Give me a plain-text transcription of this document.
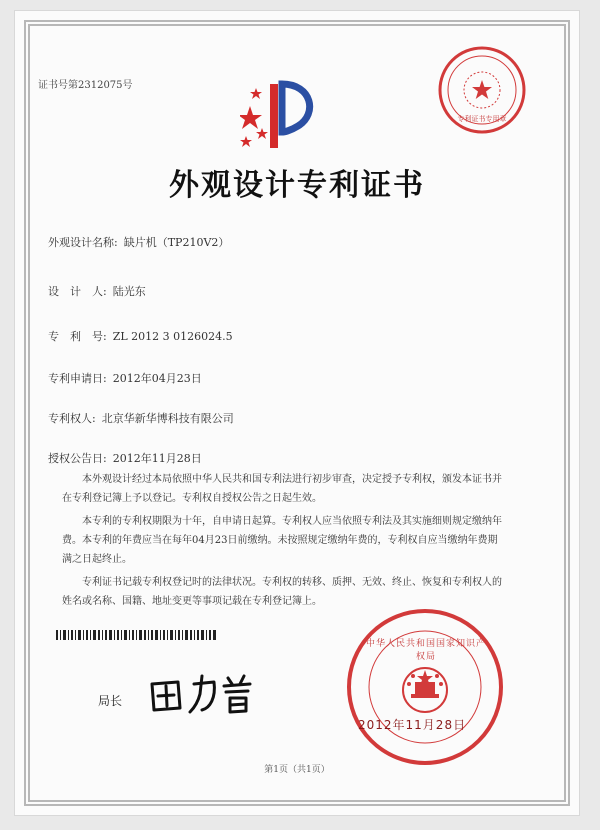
证书号第2312075号
外观设计专利证书
外观设计名称: 缺片机（TP210V2）
设　计　人: 陆光东
专　利　号: ZL 2012 3 0126024.5
专利申请日: 2012年04月23日
专利权人: 北京华新华博科技有限公司
授权公告日: 2012年11月28日

本外观设计经过本局依照中华人民共和国专利法进行初步审查，决定授予专利权，颁发本证书并在专利登记簿上予以登记。专利权自授权公告之日起生效。

本专利的专利权期限为十年，自申请日起算。专利权人应当依照专利法及其实施细则规定缴纳年费。本专利的年费应当在每年04月23日前缴纳。未按照规定缴纳年费的，专利权自应当缴纳年费期满之日起终止。

专利证书记载专利权登记时的法律状况。专利权的转移、质押、无效、终止、恢复和专利权人的姓名或名称、国籍、地址变更等事项记载在专利登记簿上。

局长
专利证书专用章
2012年11月28日
中华人民共和国国家知识产权局
第1页（共1页）
